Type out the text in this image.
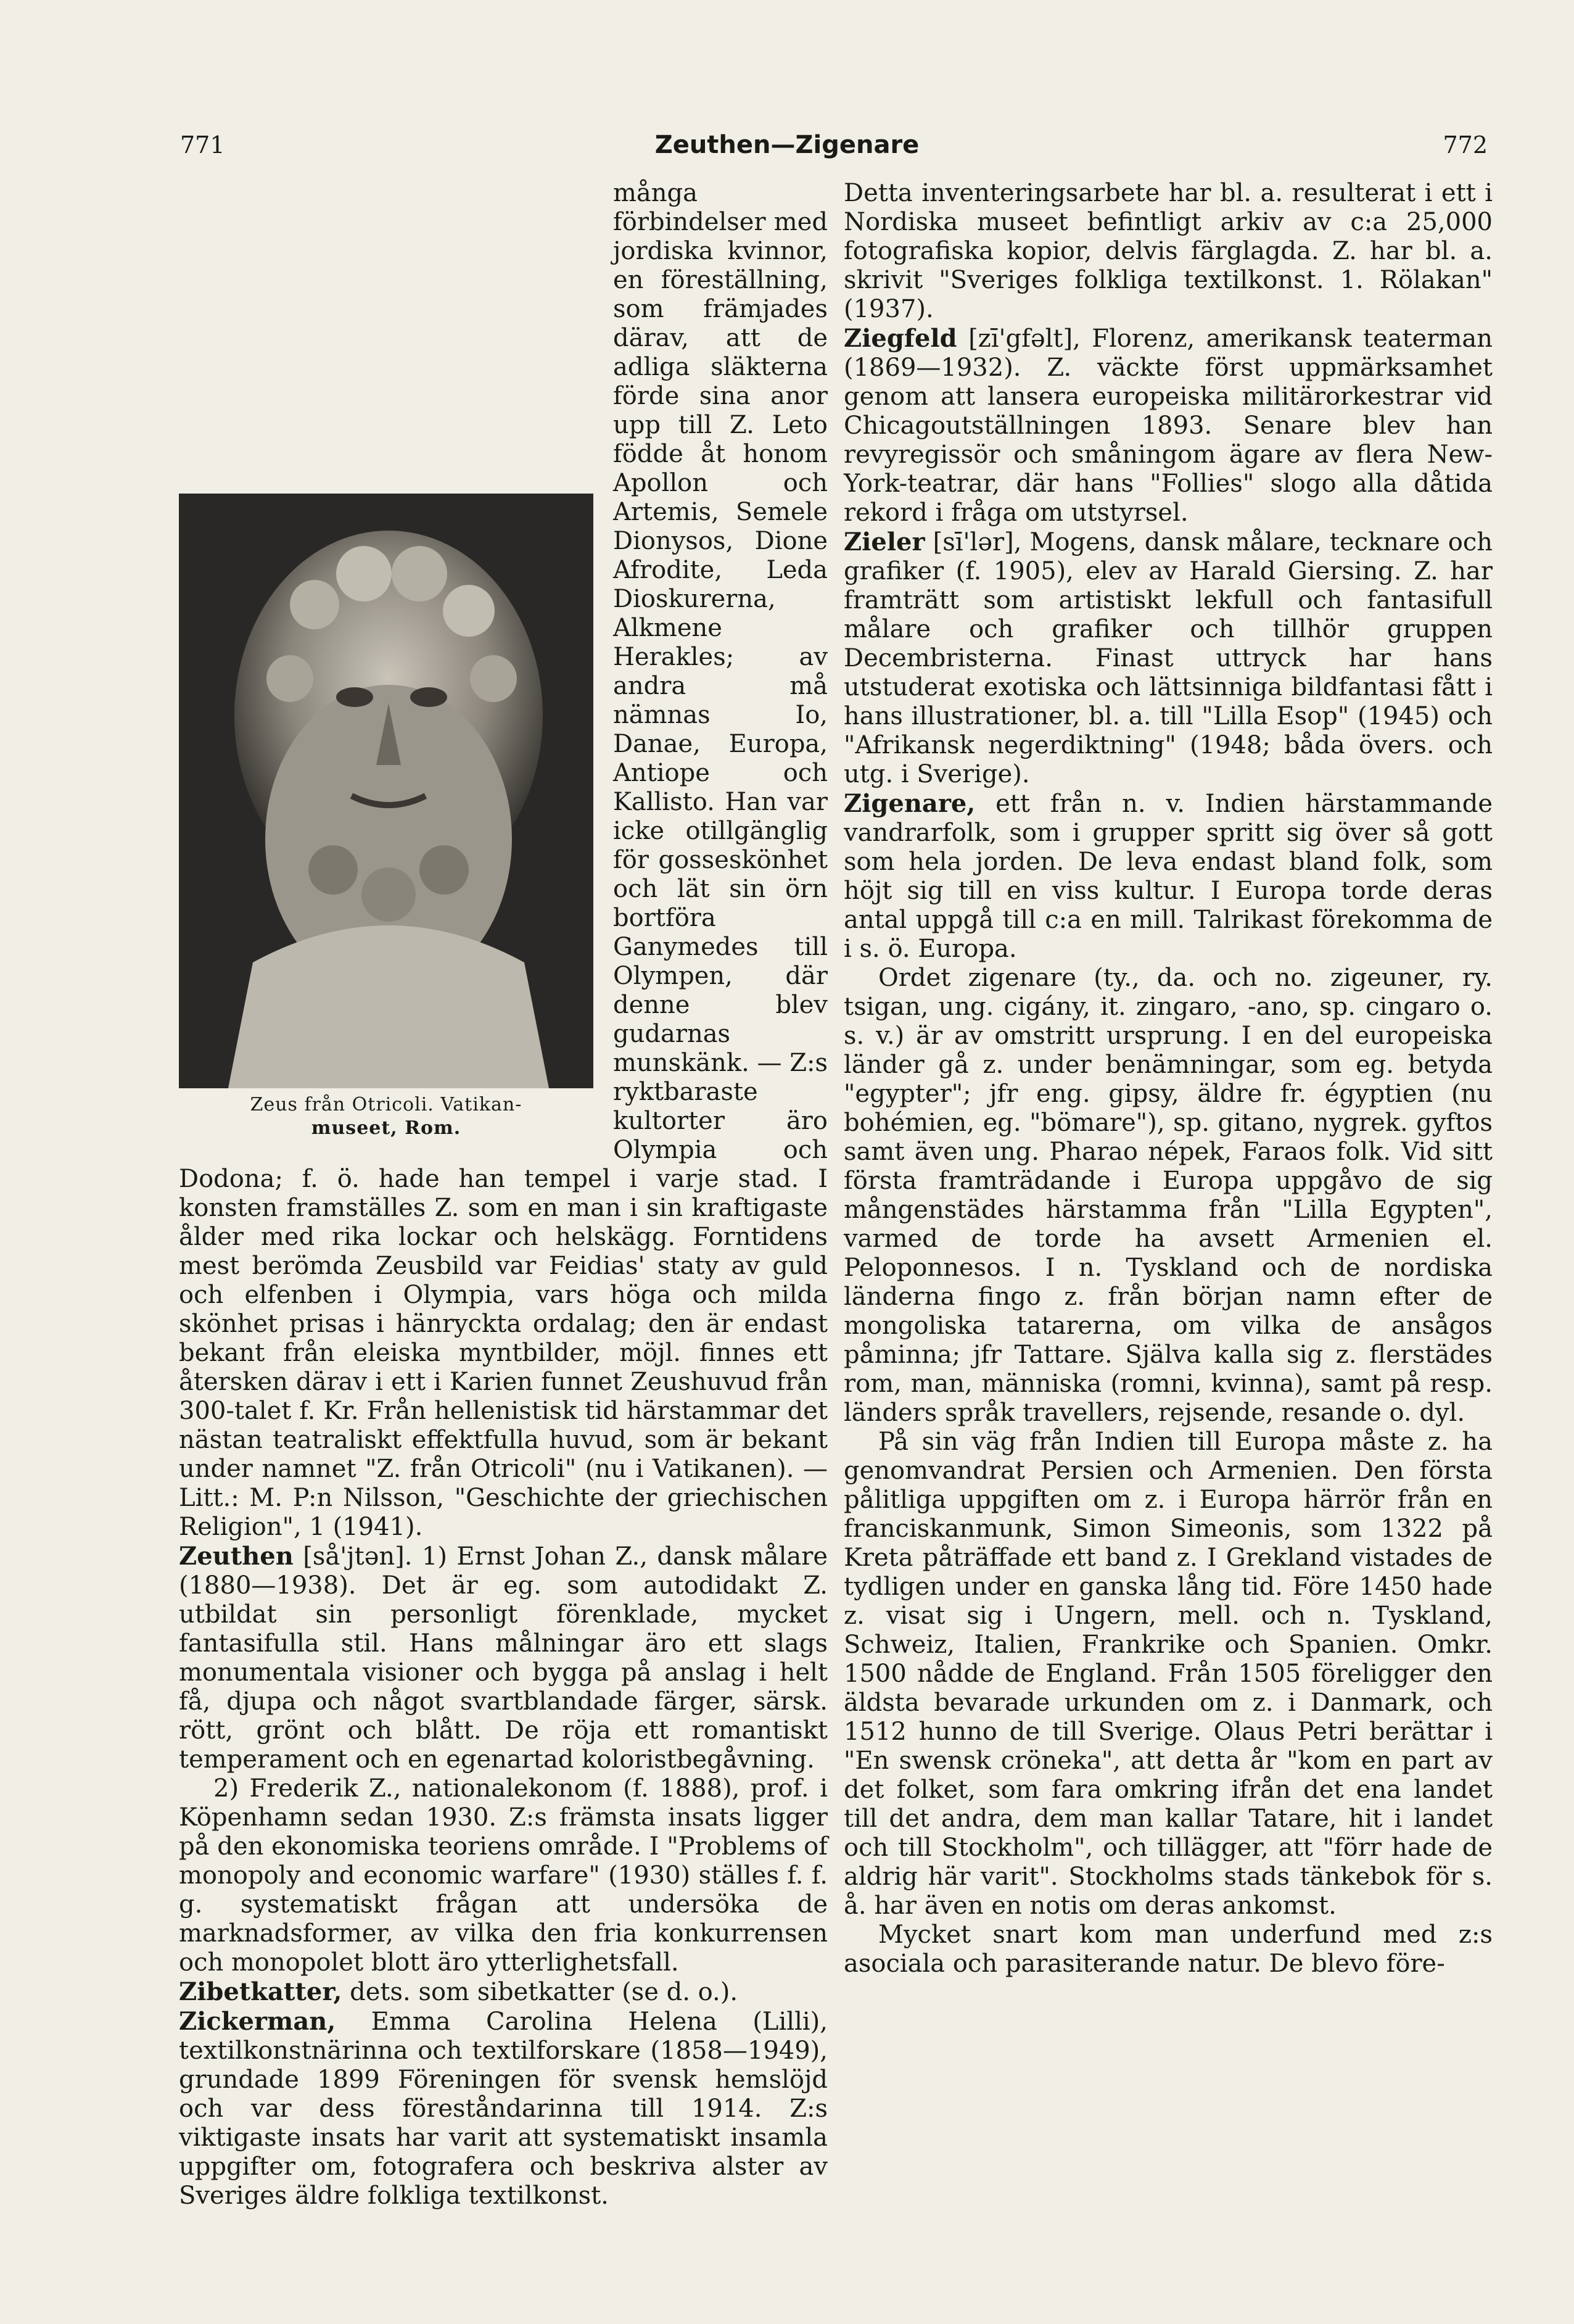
771	Zeuthen—Zigenare	772
Zeus från Otricoli. Vatikan-
museet, Rom.

många förbindelser med jordiska kvinnor, en föreställning, som främjades därav, att de adliga släkterna förde sina anor upp till Z. Leto födde åt honom Apollon och Artemis, Semele Dionysos, Dione Afrodite, Leda Dioskurerna, Alkmene Herakles; av andra må nämnas Io, Danae, Europa, Antiope och Kallisto. Han var icke otillgänglig för gosseskönhet och lät sin örn bortföra Ganymedes till Olympen, där denne blev gudarnas munskänk. — Z:s ryktbaraste kultorter äro Olympia och Dodona; f. ö. hade han tempel i varje stad. I konsten framställes Z. som en man i sin kraftigaste ålder med rika lockar och helskägg. Forntidens mest berömda Zeusbild var Feidias' staty av guld och elfenben i Olympia, vars höga och milda skönhet prisas i hänryckta ordalag; den är endast bekant från eleiska myntbilder, möjl. finnes ett återsken därav i ett i Karien funnet Zeushuvud från 300-talet f. Kr. Från hellenistisk tid härstammar det nästan teatraliskt effektfulla huvud, som är bekant under namnet "Z. från Otricoli" (nu i Vatikanen). — Litt.: M. P:n Nilsson, "Geschichte der griechischen Religion", 1 (1941).

Zeuthen [så'jtən]. 1) Ernst Johan Z., dansk målare (1880—1938). Det är eg. som autodidakt Z. utbildat sin personligt förenklade, mycket fantasifulla stil. Hans målningar äro ett slags monumentala visioner och bygga på anslag i helt få, djupa och något svartblandade färger, särsk. rött, grönt och blått. De röja ett romantiskt temperament och en egenartad koloristbegåvning.

2) Frederik Z., nationalekonom (f. 1888), prof. i Köpenhamn sedan 1930. Z:s främsta insats ligger på den ekonomiska teoriens område. I "Problems of monopoly and economic warfare" (1930) ställes f. f. g. systematiskt frågan att undersöka de marknadsformer, av vilka den fria konkurrensen och monopolet blott äro ytterlighetsfall.

Zibetkatter, dets. som sibetkatter (se d. o.).

Zickerman, Emma Carolina Helena (Lilli), textilkonstnärinna och textilforskare (1858—1949), grundade 1899 Föreningen för svensk hemslöjd och var dess föreståndarinna till 1914. Z:s viktigaste insats har varit att systematiskt insamla uppgifter om, fotografera och beskriva alster av Sveriges äldre folkliga textilkonst.

Detta inventeringsarbete har bl. a. resulterat i ett i Nordiska museet befintligt arkiv av c:a 25,000 fotografiska kopior, delvis färglagda. Z. har bl. a. skrivit "Sveriges folkliga textilkonst. 1. Rölakan" (1937).

Ziegfeld [zī'gfəlt], Florenz, amerikansk teaterman (1869—1932). Z. väckte först uppmärksamhet genom att lansera europeiska militärorkestrar vid Chicagoutställningen 1893. Senare blev han revyregissör och småningom ägare av flera New-York-teatrar, där hans "Follies" slogo alla dåtida rekord i fråga om utstyrsel.

Zieler [sī'lər], Mogens, dansk målare, tecknare och grafiker (f. 1905), elev av Harald Giersing. Z. har framträtt som artistiskt lekfull och fantasifull målare och grafiker och tillhör gruppen Decembristerna. Finast uttryck har hans utstuderat exotiska och lättsinniga bildfantasi fått i hans illustrationer, bl. a. till "Lilla Esop" (1945) och "Afrikansk negerdiktning" (1948; båda övers. och utg. i Sverige).

Zigenare, ett från n. v. Indien härstammande vandrarfolk, som i grupper spritt sig över så gott som hela jorden. De leva endast bland folk, som höjt sig till en viss kultur. I Europa torde deras antal uppgå till c:a en mill. Talrikast förekomma de i s. ö. Europa.

Ordet zigenare (ty., da. och no. zigeuner, ry. tsigan, ung. cigány, it. zingaro, -ano, sp. cingaro o. s. v.) är av omstritt ursprung. I en del europeiska länder gå z. under benämningar, som eg. betyda "egypter"; jfr eng. gipsy, äldre fr. égyptien (nu bohémien, eg. "bömare"), sp. gitano, nygrek. gyftos samt även ung. Pharao népek, Faraos folk. Vid sitt första framträdande i Europa uppgåvo de sig mångenstädes härstamma från "Lilla Egypten", varmed de torde ha avsett Armenien el. Peloponnesos. I n. Tyskland och de nordiska länderna fingo z. från början namn efter de mongoliska tatarerna, om vilka de ansågos påminna; jfr Tattare. Själva kalla sig z. flerstädes rom, man, människa (romni, kvinna), samt på resp. länders språk travellers, rejsende, resande o. dyl.

På sin väg från Indien till Europa måste z. ha genomvandrat Persien och Armenien. Den första pålitliga uppgiften om z. i Europa härrör från en franciskanmunk, Simon Simeonis, som 1322 på Kreta påträffade ett band z. I Grekland vistades de tydligen under en ganska lång tid. Före 1450 hade z. visat sig i Ungern, mell. och n. Tyskland, Schweiz, Italien, Frankrike och Spanien. Omkr. 1500 nådde de England. Från 1505 föreligger den äldsta bevarade urkunden om z. i Danmark, och 1512 hunno de till Sverige. Olaus Petri berättar i "En swensk cröneka", att detta år "kom en part av det folket, som fara omkring ifrån det ena landet till det andra, dem man kallar Tatare, hit i landet och till Stockholm", och tillägger, att "förr hade de aldrig här varit". Stockholms stads tänkebok för s. å. har även en notis om deras ankomst.

Mycket snart kom man underfund med z:s asociala och parasiterande natur. De blevo före-
